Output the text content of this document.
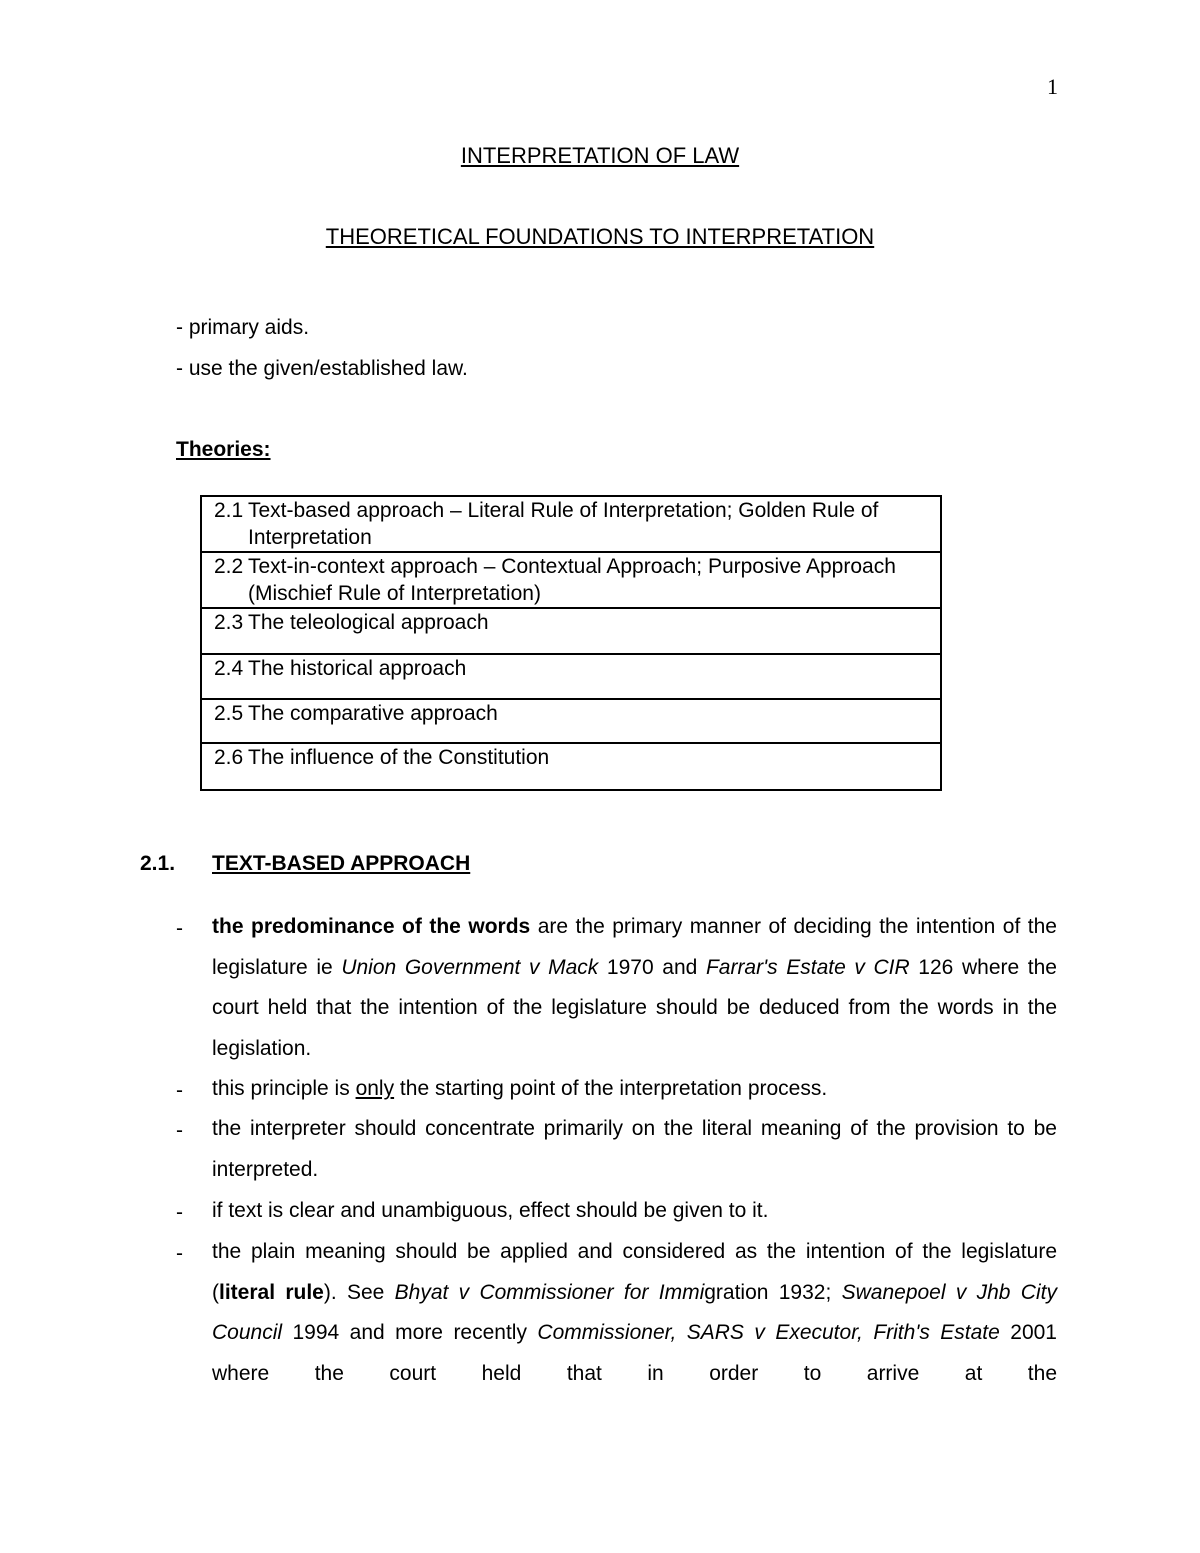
1
INTERPRETATION OF LAW
THEORETICAL FOUNDATIONS TO INTERPRETATION
- primary aids.
- use the given/established law.
Theories:
2.1 Text-based approach – Literal Rule of Interpretation; Golden Rule of Interpretation

2.2 Text-in-context approach – Contextual Approach; Purposive Approach (Mischief Rule of Interpretation)

2.3 The teleological approach

2.4 The historical approach

2.5 The comparative approach

2.6 The influence of the Constitution
2.1. TEXT-BASED APPROACH
- the predominance of the words are the primary manner of deciding the intention of the legislature ie Union Government v Mack 1970 and Farrar's Estate v CIR 126 where the court held that the intention of the legislature should be deduced from the words in the legislation.
- this principle is only the starting point of the interpretation process.
- the interpreter should concentrate primarily on the literal meaning of the provision to be interpreted.
- if text is clear and unambiguous, effect should be given to it.
- the plain meaning should be applied and considered as the intention of the legislature (literal rule). See Bhyat v Commissioner for Immigration 1932; Swanepoel v Jhb City Council 1994 and more recently Commissioner, SARS v Executor, Frith's Estate 2001 where the court held that in order to arrive at the
